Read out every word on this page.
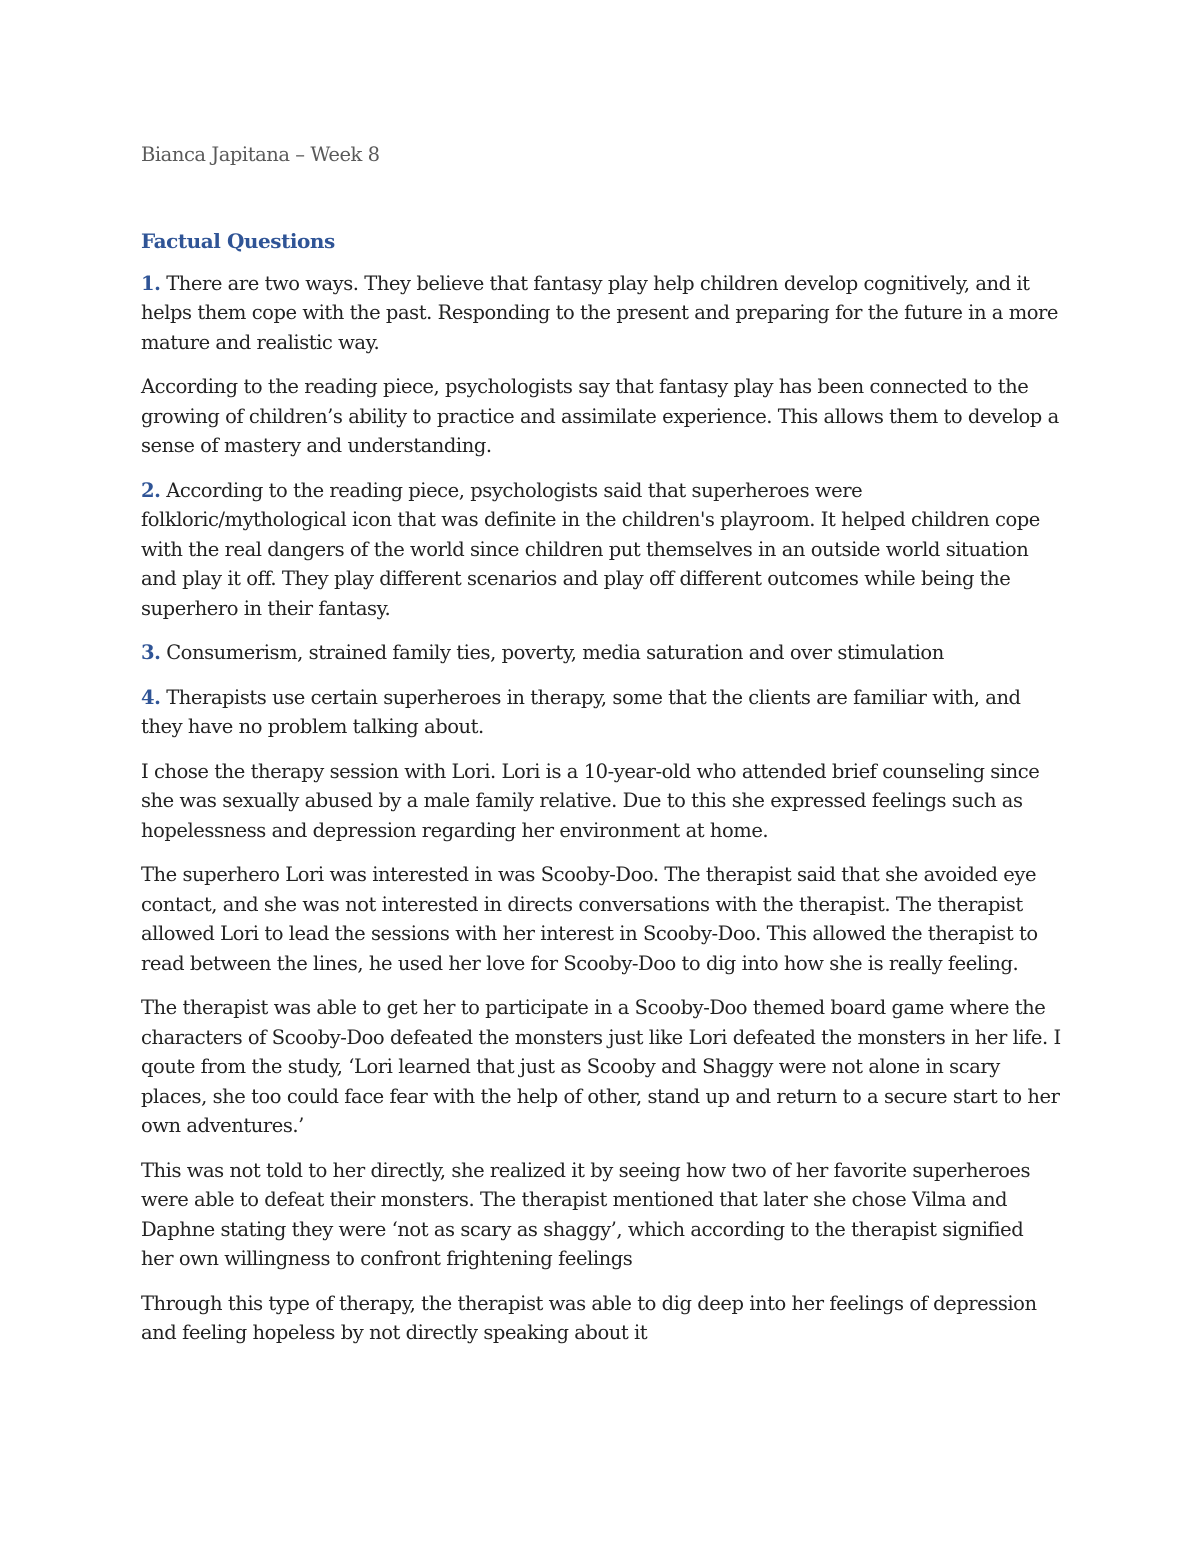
Bianca Japitana – Week 8

Factual Questions

1. There are two ways. They believe that fantasy play help children develop cognitively, and it helps them cope with the past. Responding to the present and preparing for the future in a more mature and realistic way.

According to the reading piece, psychologists say that fantasy play has been connected to the growing of children’s ability to practice and assimilate experience. This allows them to develop a sense of mastery and understanding.

2. According to the reading piece, psychologists said that superheroes were folkloric/mythological icon that was definite in the children's playroom. It helped children cope with the real dangers of the world since children put themselves in an outside world situation and play it off. They play different scenarios and play off different outcomes while being the superhero in their fantasy.

3. Consumerism, strained family ties, poverty, media saturation and over stimulation

4. Therapists use certain superheroes in therapy, some that the clients are familiar with, and they have no problem talking about.

I chose the therapy session with Lori. Lori is a 10-year-old who attended brief counseling since she was sexually abused by a male family relative. Due to this she expressed feelings such as hopelessness and depression regarding her environment at home.

The superhero Lori was interested in was Scooby-Doo. The therapist said that she avoided eye contact, and she was not interested in directs conversations with the therapist. The therapist allowed Lori to lead the sessions with her interest in Scooby-Doo. This allowed the therapist to read between the lines, he used her love for Scooby-Doo to dig into how she is really feeling.

The therapist was able to get her to participate in a Scooby-Doo themed board game where the characters of Scooby-Doo defeated the monsters just like Lori defeated the monsters in her life. I qoute from the study, ‘Lori learned that just as Scooby and Shaggy were not alone in scary places, she too could face fear with the help of other, stand up and return to a secure start to her own adventures.’

This was not told to her directly, she realized it by seeing how two of her favorite superheroes were able to defeat their monsters. The therapist mentioned that later she chose Vilma and Daphne stating they were ‘not as scary as shaggy’, which according to the therapist signified her own willingness to confront frightening feelings

Through this type of therapy, the therapist was able to dig deep into her feelings of depression and feeling hopeless by not directly speaking about it
